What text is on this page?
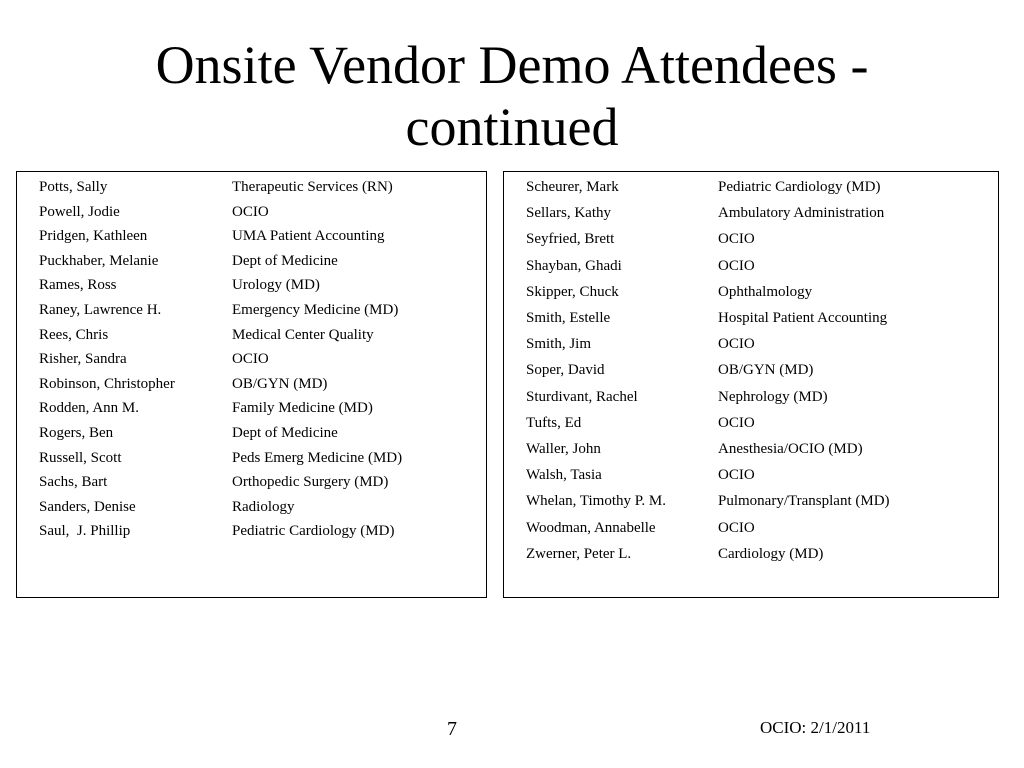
Onsite Vendor Demo Attendees -
continued
Potts, Sally	Therapeutic Services (RN)
Powell, Jodie	OCIO
Pridgen, Kathleen	UMA Patient Accounting
Puckhaber, Melanie	Dept of Medicine
Rames, Ross	Urology (MD)
Raney, Lawrence H.	Emergency Medicine (MD)
Rees, Chris	Medical Center Quality
Risher, Sandra	OCIO
Robinson, Christopher	OB/GYN (MD)
Rodden, Ann M.	Family Medicine (MD)
Rogers, Ben	Dept of Medicine
Russell, Scott	Peds Emerg Medicine (MD)
Sachs, Bart	Orthopedic Surgery (MD)
Sanders, Denise	Radiology
Saul,  J. Phillip	Pediatric Cardiology (MD)
Scheurer, Mark	Pediatric Cardiology (MD)
Sellars, Kathy	Ambulatory Administration
Seyfried, Brett	OCIO
Shayban, Ghadi	OCIO
Skipper, Chuck	Ophthalmology
Smith, Estelle	Hospital Patient Accounting
Smith, Jim	OCIO
Soper, David	OB/GYN (MD)
Sturdivant, Rachel	Nephrology (MD)
Tufts, Ed	OCIO
Waller, John	Anesthesia/OCIO (MD)
Walsh, Tasia	OCIO
Whelan, Timothy P. M.	Pulmonary/Transplant (MD)
Woodman, Annabelle	OCIO
Zwerner, Peter L.	Cardiology (MD)
7	OCIO: 2/1/2011
